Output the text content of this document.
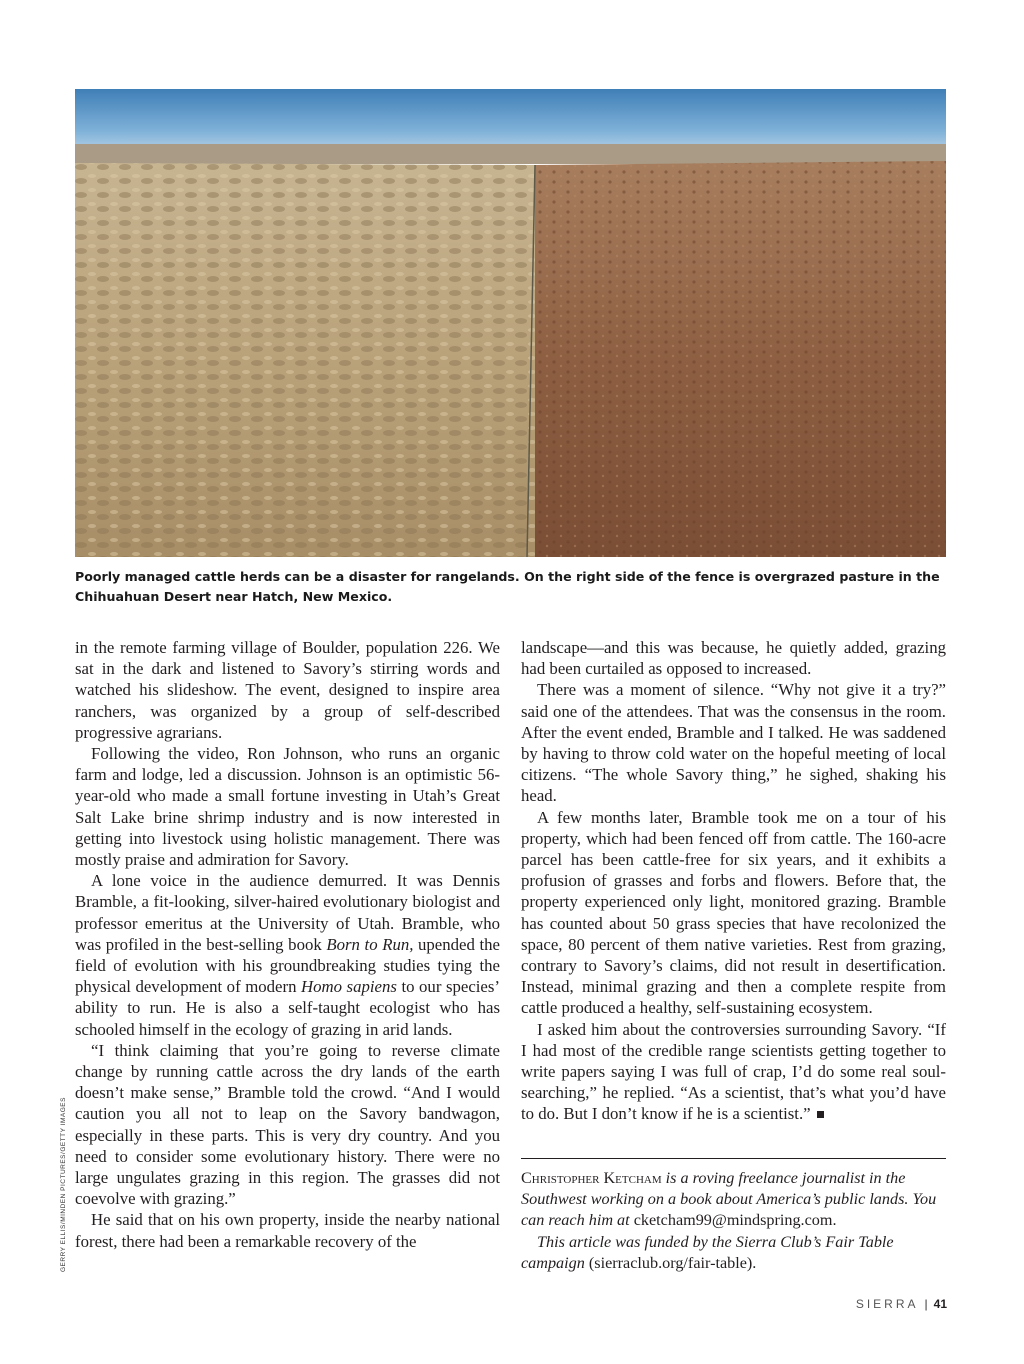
Poorly managed cattle herds can be a disaster for rangelands. On the right side of the fence is overgrazed pasture in the Chihuahuan Desert near Hatch, New Mexico.
GERRY ELLIS/MINDEN PICTURES/GETTY IMAGES

in the remote farming village of Boulder, population 226. We sat in the dark and listened to Savory’s stirring words and watched his slideshow. The event, designed to inspire area ranchers, was organized by a group of self-described progressive agrarians.

Following the video, Ron Johnson, who runs an organic farm and lodge, led a discussion. Johnson is an optimistic 56-year-old who made a small fortune investing in Utah’s Great Salt Lake brine shrimp industry and is now interested in getting into livestock using holistic management. There was mostly praise and admiration for Savory.

A lone voice in the audience demurred. It was Dennis Bramble, a fit-looking, silver-haired evolutionary biologist and professor emeritus at the University of Utah. Bramble, who was profiled in the best-selling book Born to Run, upended the field of evolution with his groundbreaking studies tying the physical development of modern Homo sapiens to our species’ ability to run. He is also a self-taught ecologist who has schooled himself in the ecology of grazing in arid lands.

“I think claiming that you’re going to reverse climate change by running cattle across the dry lands of the earth doesn’t make sense,” Bramble told the crowd. “And I would caution you all not to leap on the Savory bandwagon, especially in these parts. This is very dry country. And you need to consider some evolutionary history. There were no large ungulates grazing in this region. The grasses did not coevolve with grazing.”

He said that on his own property, inside the nearby national forest, there had been a remarkable recovery of the

landscape—and this was because, he quietly added, grazing had been curtailed as opposed to increased.

There was a moment of silence. “Why not give it a try?” said one of the attendees. That was the consensus in the room. After the event ended, Bramble and I talked. He was saddened by having to throw cold water on the hopeful meeting of local citizens. “The whole Savory thing,” he sighed, shaking his head.

A few months later, Bramble took me on a tour of his property, which had been fenced off from cattle. The 160-acre parcel has been cattle-free for six years, and it exhibits a profusion of grasses and forbs and flowers. Before that, the property experienced only light, monitored grazing. Bramble has counted about 50 grass species that have recolonized the space, 80 percent of them native varieties. Rest from grazing, contrary to Savory’s claims, did not result in desertification. Instead, minimal grazing and then a complete respite from cattle produced a healthy, self-sustaining ecosystem.

I asked him about the controversies surrounding Savory. “If I had most of the credible range scientists getting together to write papers saying I was full of crap, I’d do some real soul-searching,” he replied. “As a scientist, that’s what you’d have to do. But I don’t know if he is a scientist.”

Christopher Ketcham is a roving freelance journalist in the Southwest working on a book about America’s public lands. You can reach him at cketcham99@mindspring.com.

This article was funded by the Sierra Club’s Fair Table campaign (sierraclub.org/fair-table).

SIERRA | 41
